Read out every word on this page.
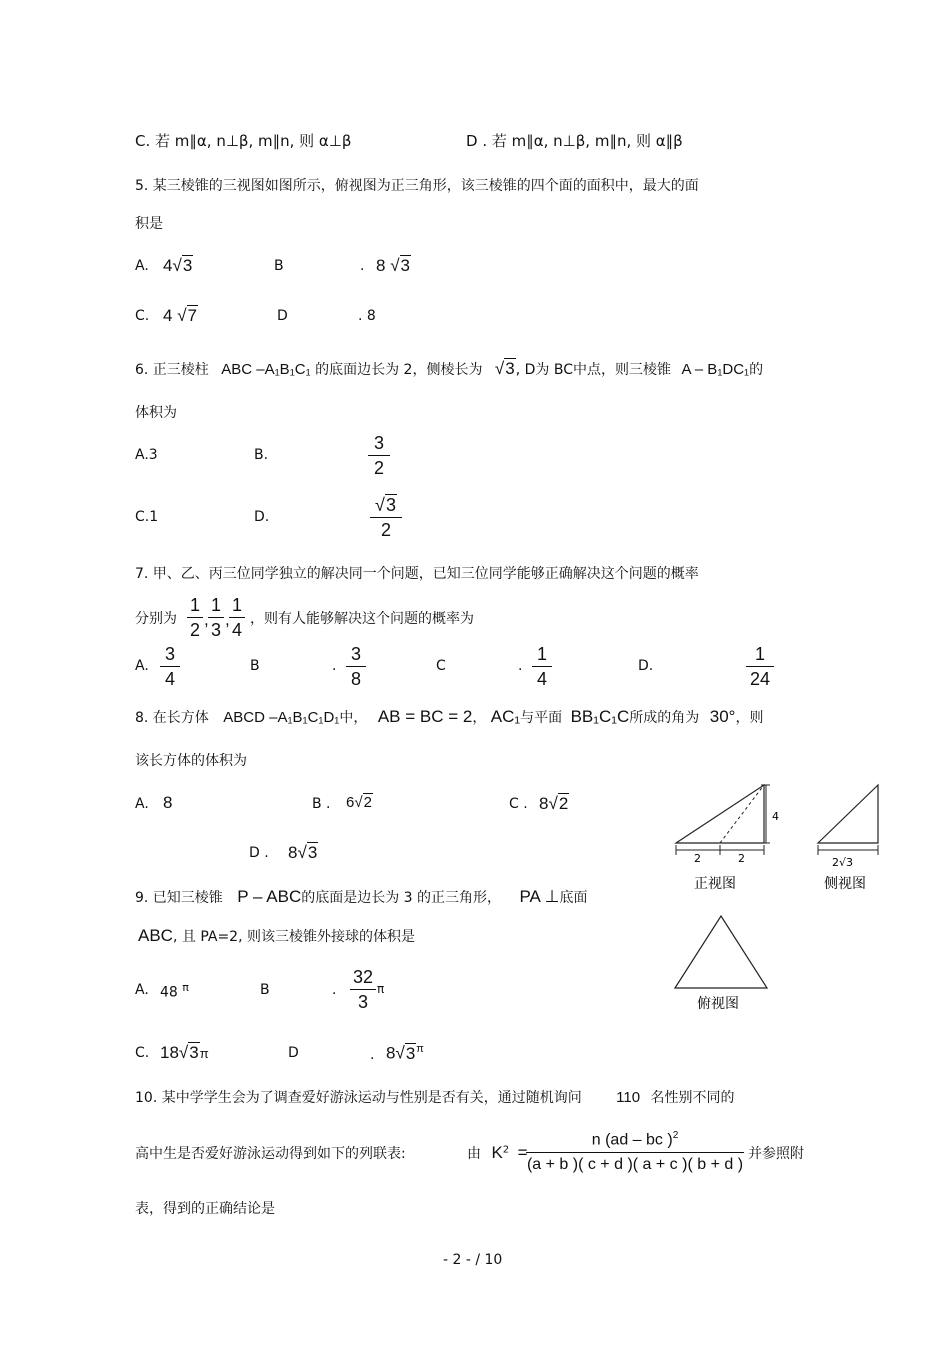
C. 若 m∥α, n⊥β, m∥n, 则 α⊥β	D . 若 m∥α, n⊥β, m∥n, 则 α∥β
5. 某三棱锥的三视图如图所示，俯视图为正三角形，该三棱锥的四个面的面积中，最大的面
积是
A. 4√3	B	. 8 √3
C. 4 √7	D	. 8
6. 正三棱柱 ABC –A₁B₁C₁ 的底面边长为 2，侧棱长为 √3, D为 BC中点，则三棱锥 A – B₁DC₁的
体积为
A.3	B.
3
2
C.1	D.
√3
2
7. 甲、乙、丙三位同学独立的解决同一个问题，已知三位同学能够正确解决这个问题的概率
分别为
1
2
,
1
3
,
1
4
，则有人能够解决这个问题的概率为
A.
3
4
B	.
3
8
C	.
1
4
D.
1
24
8. 在长方体 ABCD –A₁B₁C₁D₁中， AB = BC = 2， AC₁与平面 BB₁C₁C所成的角为 30°，则
该长方体的体积为
A. 8	B . 6√2	C . 8√2
D . 8√3	2	2
4
正视图
2√3
侧视图
俯视图
9. 已知三棱锥 P – ABC的底面是边长为 3 的正三角形， PA ⊥底面
ABC, 且 PA=2, 则该三棱锥外接球的体积是
A. 48 $^\pi$	B	.
32
3
π
C. 18√3π	D	. $8√3^\pi$
10. 某中学学生会为了调查爱好游泳运动与性别是否有关，通过随机询问 110 名性别不同的
高中生是否爱好游泳运动得到如下的列联表:	由 $K^2$ =
n (ad – bc )$^2$
(a + b )( c + d )( a + c )( b + d )
并参照附
表，得到的正确结论是
- 2 - / 10
